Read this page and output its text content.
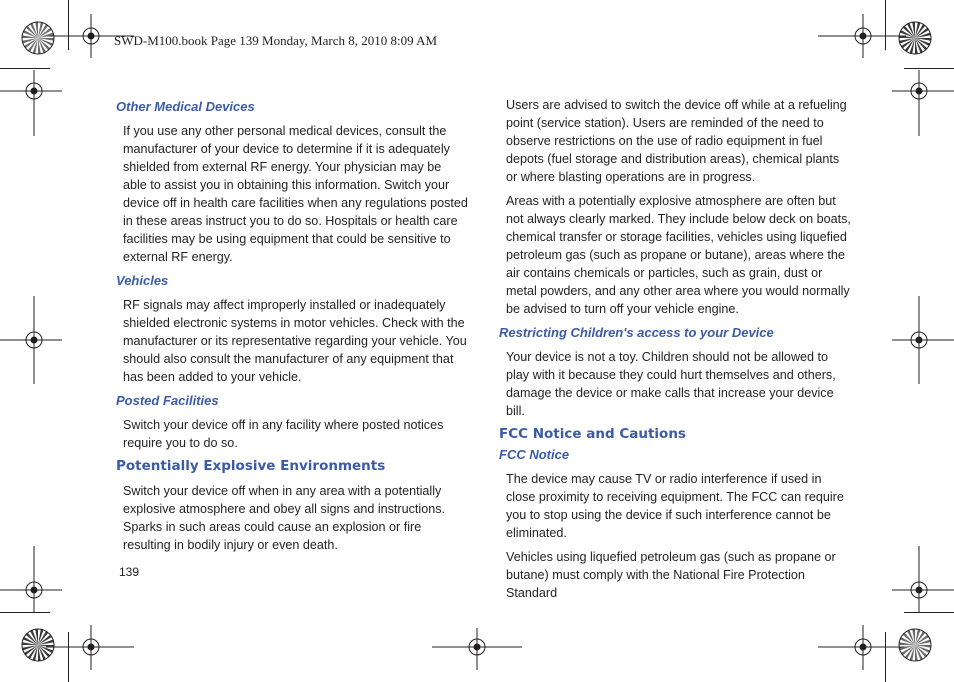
SWD-M100.book Page 139 Monday, March 8, 2010 8:09 AM
Other Medical Devices

If you use any other personal medical devices, consult the manufacturer of your device to determine if it is adequately shielded from external RF energy. Your physician may be able to assist you in obtaining this information. Switch your device off in health care facilities when any regulations posted in these areas instruct you to do so. Hospitals or health care facilities may be using equipment that could be sensitive to external RF energy.

Vehicles

RF signals may affect improperly installed or inadequately shielded electronic systems in motor vehicles. Check with the manufacturer or its representative regarding your vehicle. You should also consult the manufacturer of any equipment that has been added to your vehicle.

Posted Facilities

Switch your device off in any facility where posted notices require you to do so.

Potentially Explosive Environments

Switch your device off when in any area with a potentially explosive atmosphere and obey all signs and instructions. Sparks in such areas could cause an explosion or fire resulting in bodily injury or even death.

Users are advised to switch the device off while at a refueling point (service station). Users are reminded of the need to observe restrictions on the use of radio equipment in fuel depots (fuel storage and distribution areas), chemical plants or where blasting operations are in progress.

Areas with a potentially explosive atmosphere are often but not always clearly marked. They include below deck on boats, chemical transfer or storage facilities, vehicles using liquefied petroleum gas (such as propane or butane), areas where the air contains chemicals or particles, such as grain, dust or metal powders, and any other area where you would normally be advised to turn off your vehicle engine.

Restricting Children's access to your Device

Your device is not a toy. Children should not be allowed to play with it because they could hurt themselves and others, damage the device or make calls that increase your device bill.

FCC Notice and Cautions
FCC Notice

The device may cause TV or radio interference if used in close proximity to receiving equipment. The FCC can require you to stop using the device if such interference cannot be eliminated.

Vehicles using liquefied petroleum gas (such as propane or butane) must comply with the National Fire Protection Standard

139
